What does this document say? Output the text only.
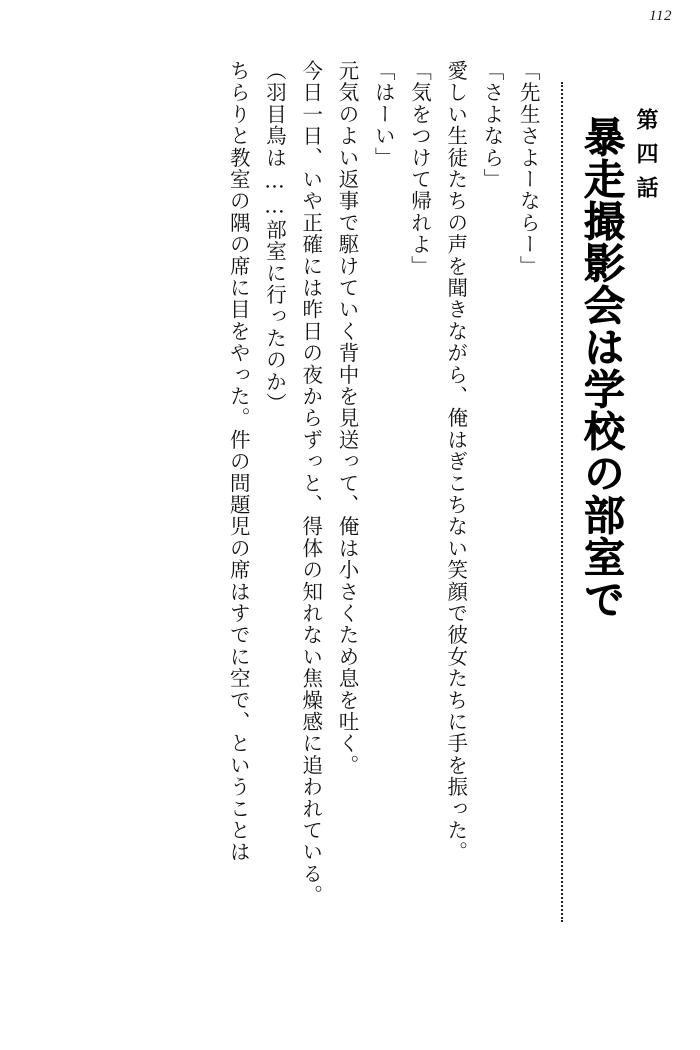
112
第四話
暴走撮影会は学校の部室で
「先生さよーならー」
「さよなら」
愛しい生徒たちの声を聞きながら、俺はぎこちない笑顔で彼女たちに手を振った。
「気をつけて帰れよ」
「はーい」
元気のよい返事で駆けていく背中を見送って、俺は小さくため息を吐く。
今日一日、いや正確には昨日の夜からずっと、得体の知れない焦燥感に追われている。
（羽目鳥は……部室に行ったのか）
ちらりと教室の隅の席に目をやった。件の問題児の席はすでに空で、ということは
